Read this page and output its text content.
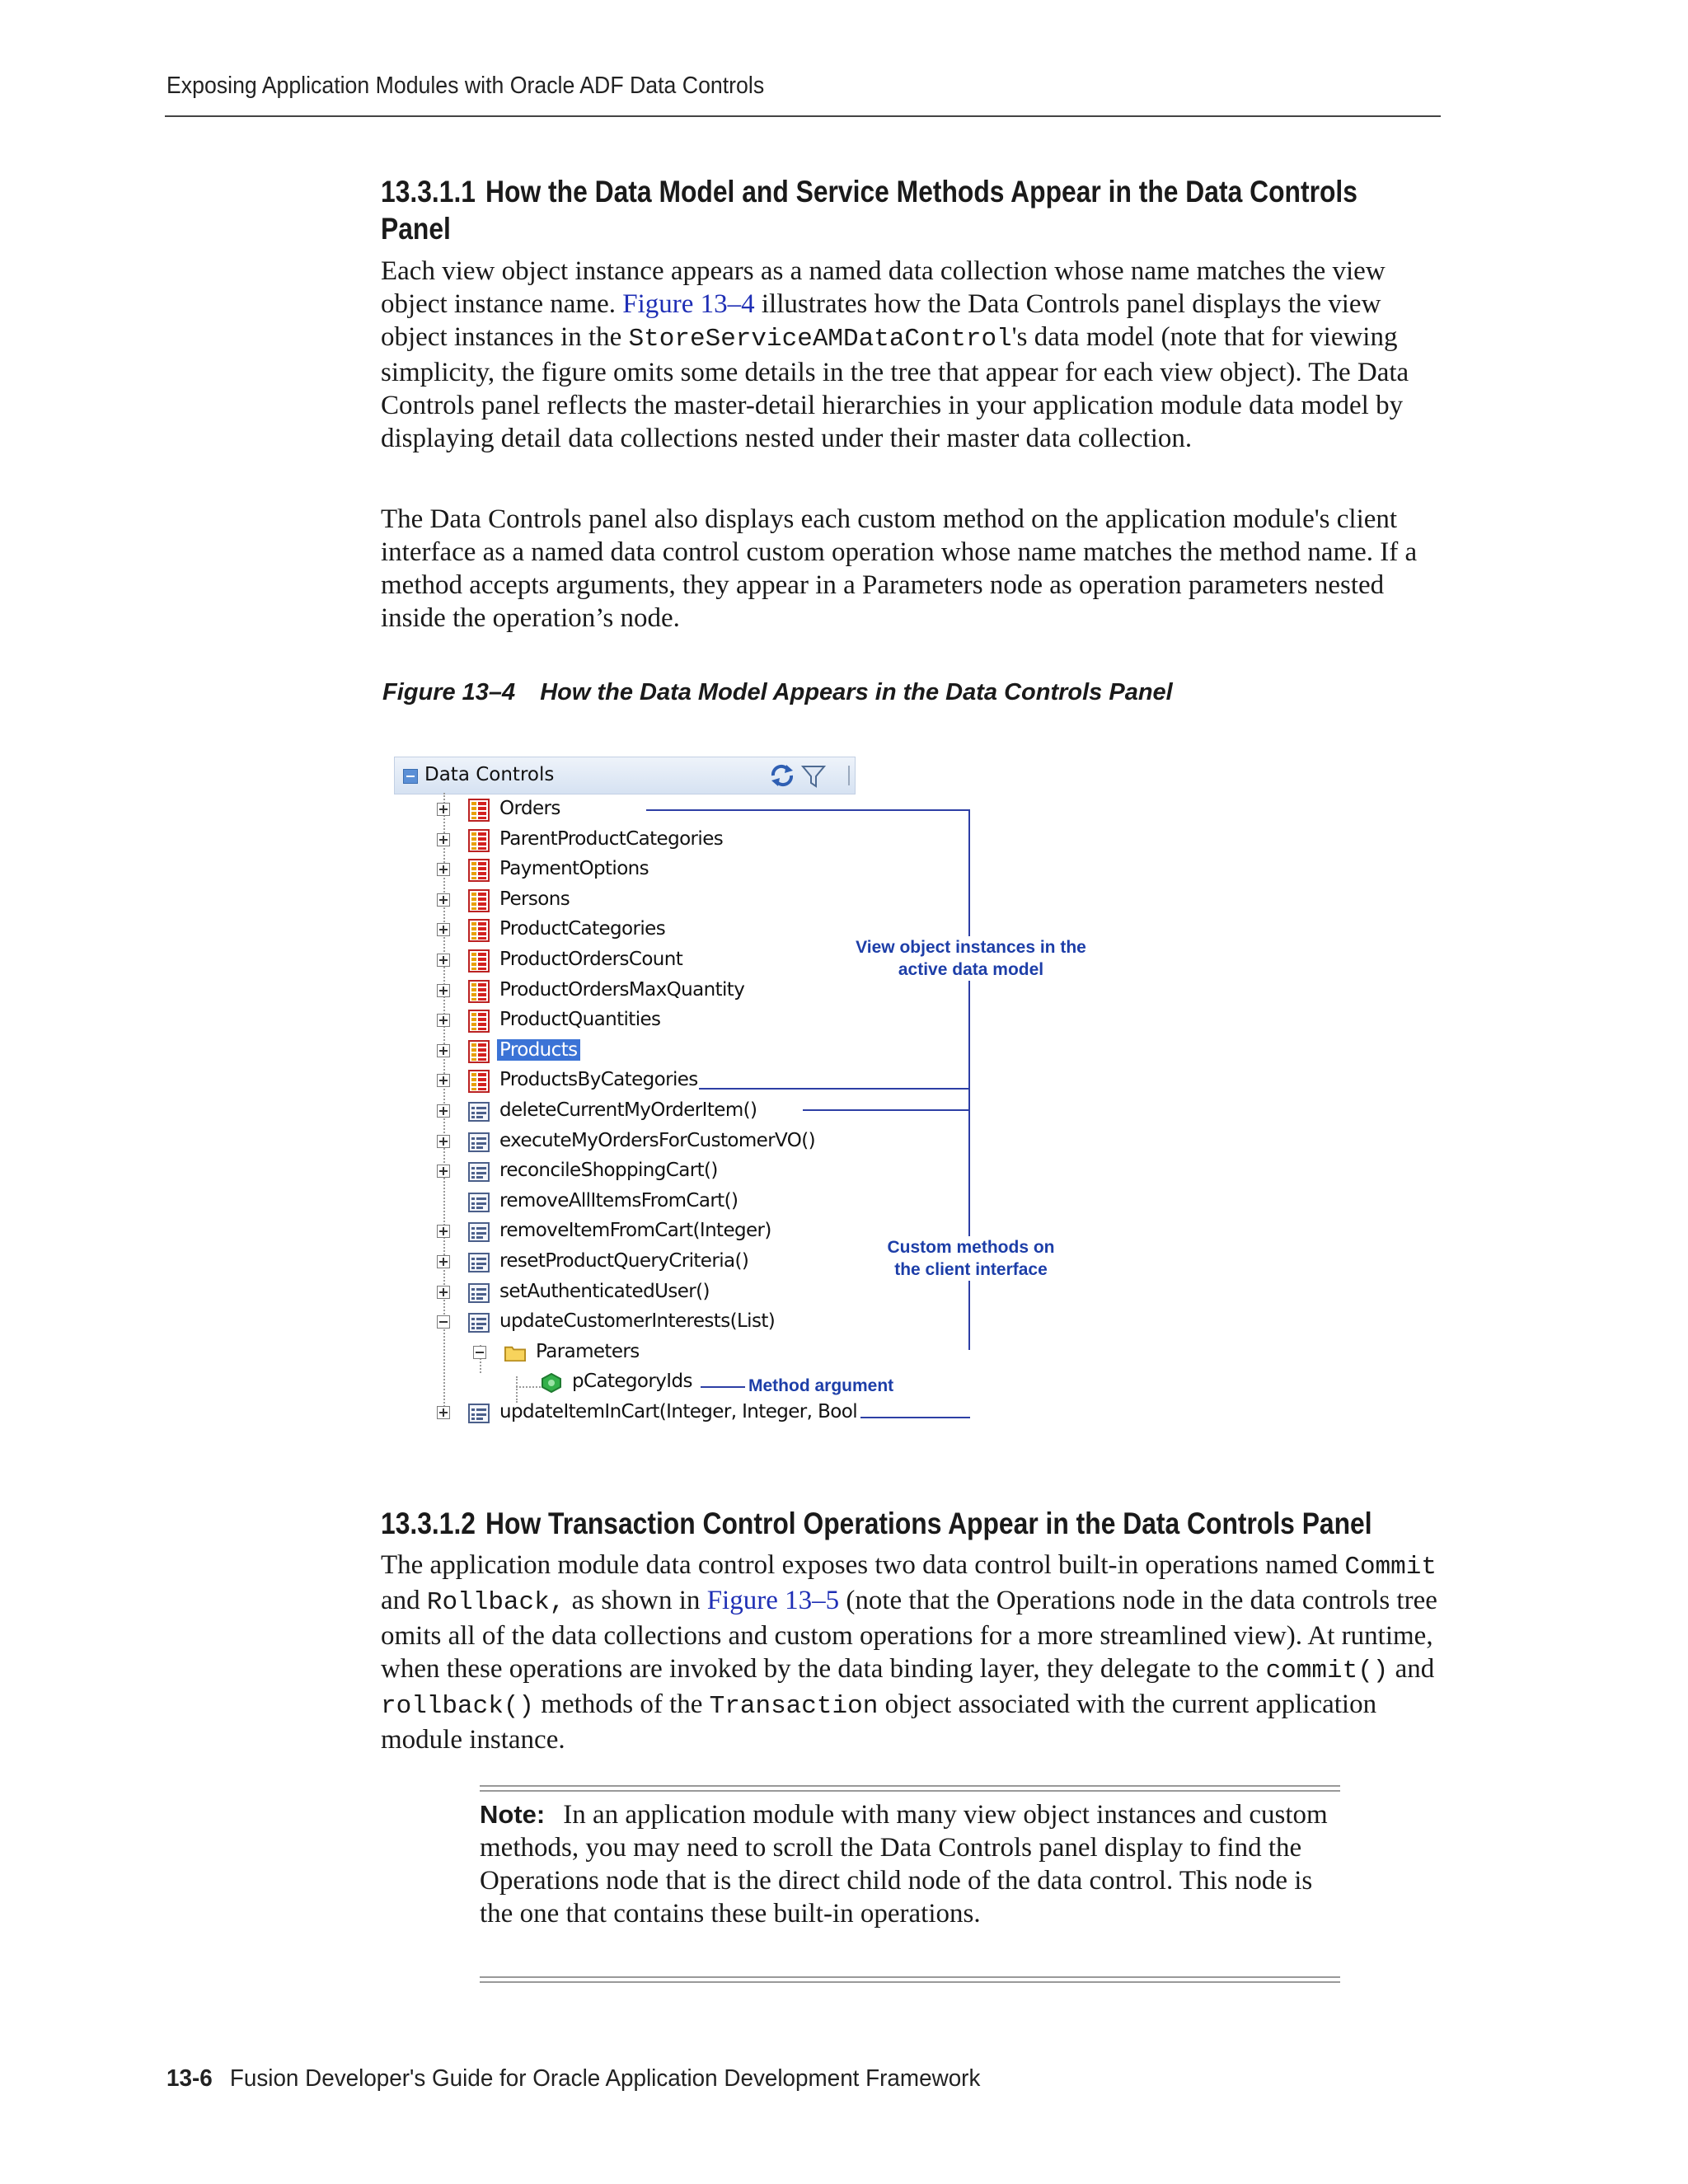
Exposing Application Modules with Oracle ADF Data Controls
13.3.1.1 How the Data Model and Service Methods Appear in the Data Controls
Panel
Each view object instance appears as a named data collection whose name matches the view object instance name. Figure 13–4 illustrates how the Data Controls panel displays the view object instances in the StoreServiceAMDataControl's data model (note that for viewing simplicity, the figure omits some details in the tree that appear for each view object). The Data Controls panel reflects the master-detail hierarchies in your application module data model by displaying detail data collections nested under their master data collection.
The Data Controls panel also displays each custom method on the application module's client interface as a named data control custom operation whose name matches the method name. If a method accepts arguments, they appear in a Parameters node as operation parameters nested inside the operation’s node.
Figure 13–4 How the Data Model Appears in the Data Controls Panel
Data Controls
Orders
ParentProductCategories
PaymentOptions
Persons
ProductCategories
ProductOrdersCount
ProductOrdersMaxQuantity
ProductQuantities
Products
ProductsByCategories
deleteCurrentMyOrderItem()
executeMyOrdersForCustomerVO()
reconcileShoppingCart()
removeAllItemsFromCart()
removeItemFromCart(Integer)
resetProductQueryCriteria()
setAuthenticatedUser()
updateCustomerInterests(List)
Parameters
pCategoryIds
updateItemInCart(Integer, Integer, Bool
View object instances in the
active data model
Custom methods on
the client interface
Method argument
13.3.1.2 How Transaction Control Operations Appear in the Data Controls Panel
The application module data control exposes two data control built-in operations named Commit and Rollback, as shown in Figure 13–5 (note that the Operations node in the data controls tree omits all of the data collections and custom operations for a more streamlined view). At runtime, when these operations are invoked by the data binding layer, they delegate to the commit() and rollback() methods of the Transaction object associated with the current application module instance.
Note: In an application module with many view object instances and custom methods, you may need to scroll the Data Controls panel display to find the Operations node that is the direct child node of the data control. This node is the one that contains these built-in operations.
13-6 Fusion Developer's Guide for Oracle Application Development Framework
